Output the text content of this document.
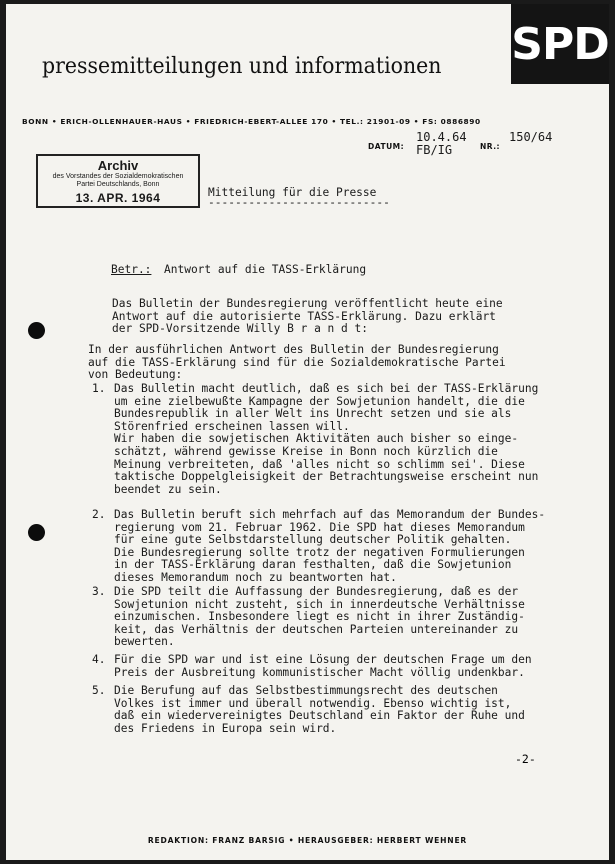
pressemitteilungen und informationen SPD
BONN • ERICH-OLLENHAUER-HAUS • FRIEDRICH-EBERT-ALLEE 170 • TEL.: 21901-09 • FS: 0886890
DATUM:
10.4.64
FB/IG	NR.:
150/64
Archiv
des Vorstandes der Sozialdemokratischen
Partei Deutschlands, Bonn
13. APR. 1964	Mitteilung für die Presse
---------------------------
Betr.: Antwort auf die TASS-Erklärung
Das Bulletin der Bundesregierung veröffentlicht heute eine
Antwort auf die autorisierte TASS-Erklärung. Dazu erklärt
der SPD-Vorsitzende Willy B r a n d t:
In der ausführlichen Antwort des Bulletin der Bundesregierung
auf die TASS-Erklärung sind für die Sozialdemokratische Partei
von Bedeutung:
1. Das Bulletin macht deutlich, daß es sich bei der TASS-Erklärung
um eine zielbewußte Kampagne der Sowjetunion handelt, die die
Bundesrepublik in aller Welt ins Unrecht setzen und sie als
Störenfried erscheinen lassen will.
Wir haben die sowjetischen Aktivitäten auch bisher so einge-
schätzt, während gewisse Kreise in Bonn noch kürzlich die
Meinung verbreiteten, daß 'alles nicht so schlimm sei'. Diese
taktische Doppelgleisigkeit der Betrachtungsweise erscheint nun
beendet zu sein.
2. Das Bulletin beruft sich mehrfach auf das Memorandum der Bundes-
regierung vom 21. Februar 1962. Die SPD hat dieses Memorandum
für eine gute Selbstdarstellung deutscher Politik gehalten.
Die Bundesregierung sollte trotz der negativen Formulierungen
in der TASS-Erklärung daran festhalten, daß die Sowjetunion
dieses Memorandum noch zu beantworten hat.
3. Die SPD teilt die Auffassung der Bundesregierung, daß es der
Sowjetunion nicht zusteht, sich in innerdeutsche Verhältnisse
einzumischen. Insbesondere liegt es nicht in ihrer Zuständig-
keit, das Verhältnis der deutschen Parteien untereinander zu
bewerten.
4. Für die SPD war und ist eine Lösung der deutschen Frage um den
Preis der Ausbreitung kommunistischer Macht völlig undenkbar.
5. Die Berufung auf das Selbstbestimmungsrecht des deutschen
Volkes ist immer und überall notwendig. Ebenso wichtig ist,
daß ein wiedervereinigtes Deutschland ein Faktor der Ruhe und
des Friedens in Europa sein wird.
-2-
REDAKTION: FRANZ BARSIG • HERAUSGEBER: HERBERT WEHNER
